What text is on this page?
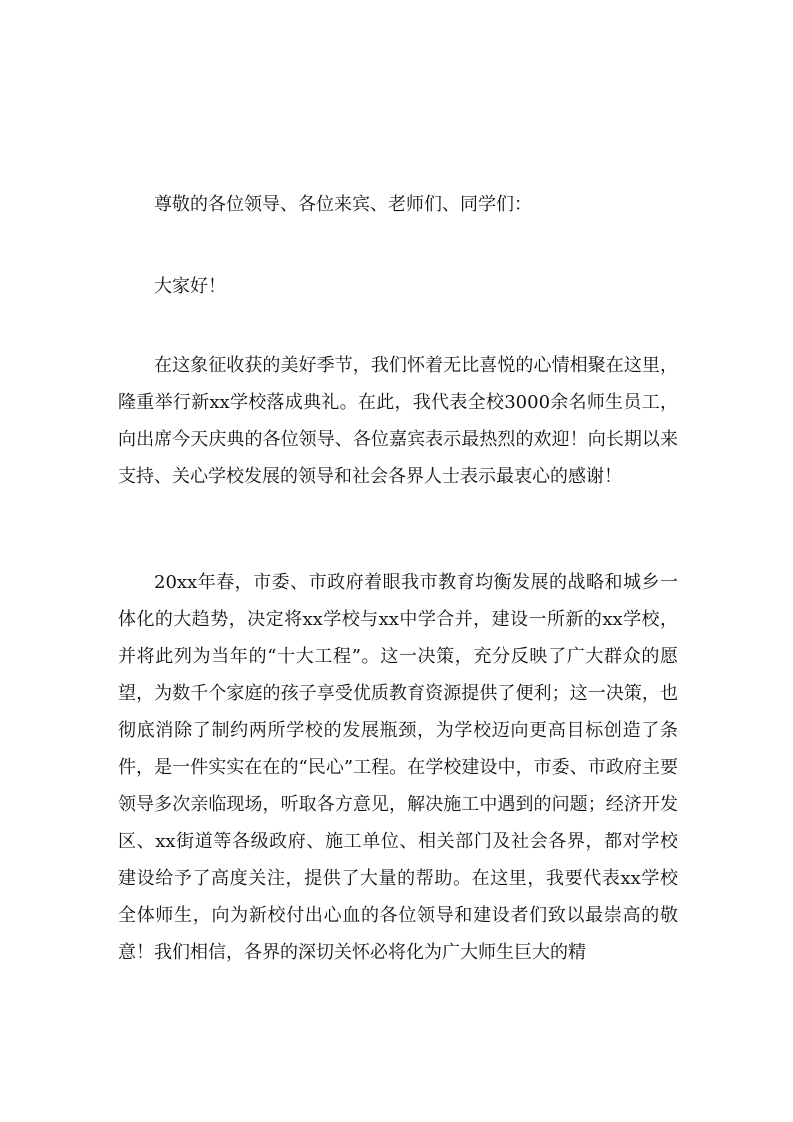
尊敬的各位领导、各位来宾、老师们、同学们：

大家好！

在这象征收获的美好季节，我们怀着无比喜悦的心情相聚在这里，隆重举行新xx学校落成典礼。在此，我代表全校3000余名师生员工，向出席今天庆典的各位领导、各位嘉宾表示最热烈的欢迎！向长期以来支持、关心学校发展的领导和社会各界人士表示最衷心的感谢！

20xx年春，市委、市政府着眼我市教育均衡发展的战略和城乡一体化的大趋势，决定将xx学校与xx中学合并，建设一所新的xx学校，并将此列为当年的“十大工程”。这一决策，充分反映了广大群众的愿望，为数千个家庭的孩子享受优质教育资源提供了便利；这一决策，也彻底消除了制约两所学校的发展瓶颈，为学校迈向更高目标创造了条件，是一件实实在在的“民心”工程。在学校建设中，市委、市政府主要领导多次亲临现场，听取各方意见，解决施工中遇到的问题；经济开发区、xx街道等各级政府、施工单位、相关部门及社会各界，都对学校建设给予了高度关注，提供了大量的帮助。在这里，我要代表xx学校全体师生，向为新校付出心血的各位领导和建设者们致以最崇高的敬意！我们相信，各界的深切关怀必将化为广大师生巨大的精
